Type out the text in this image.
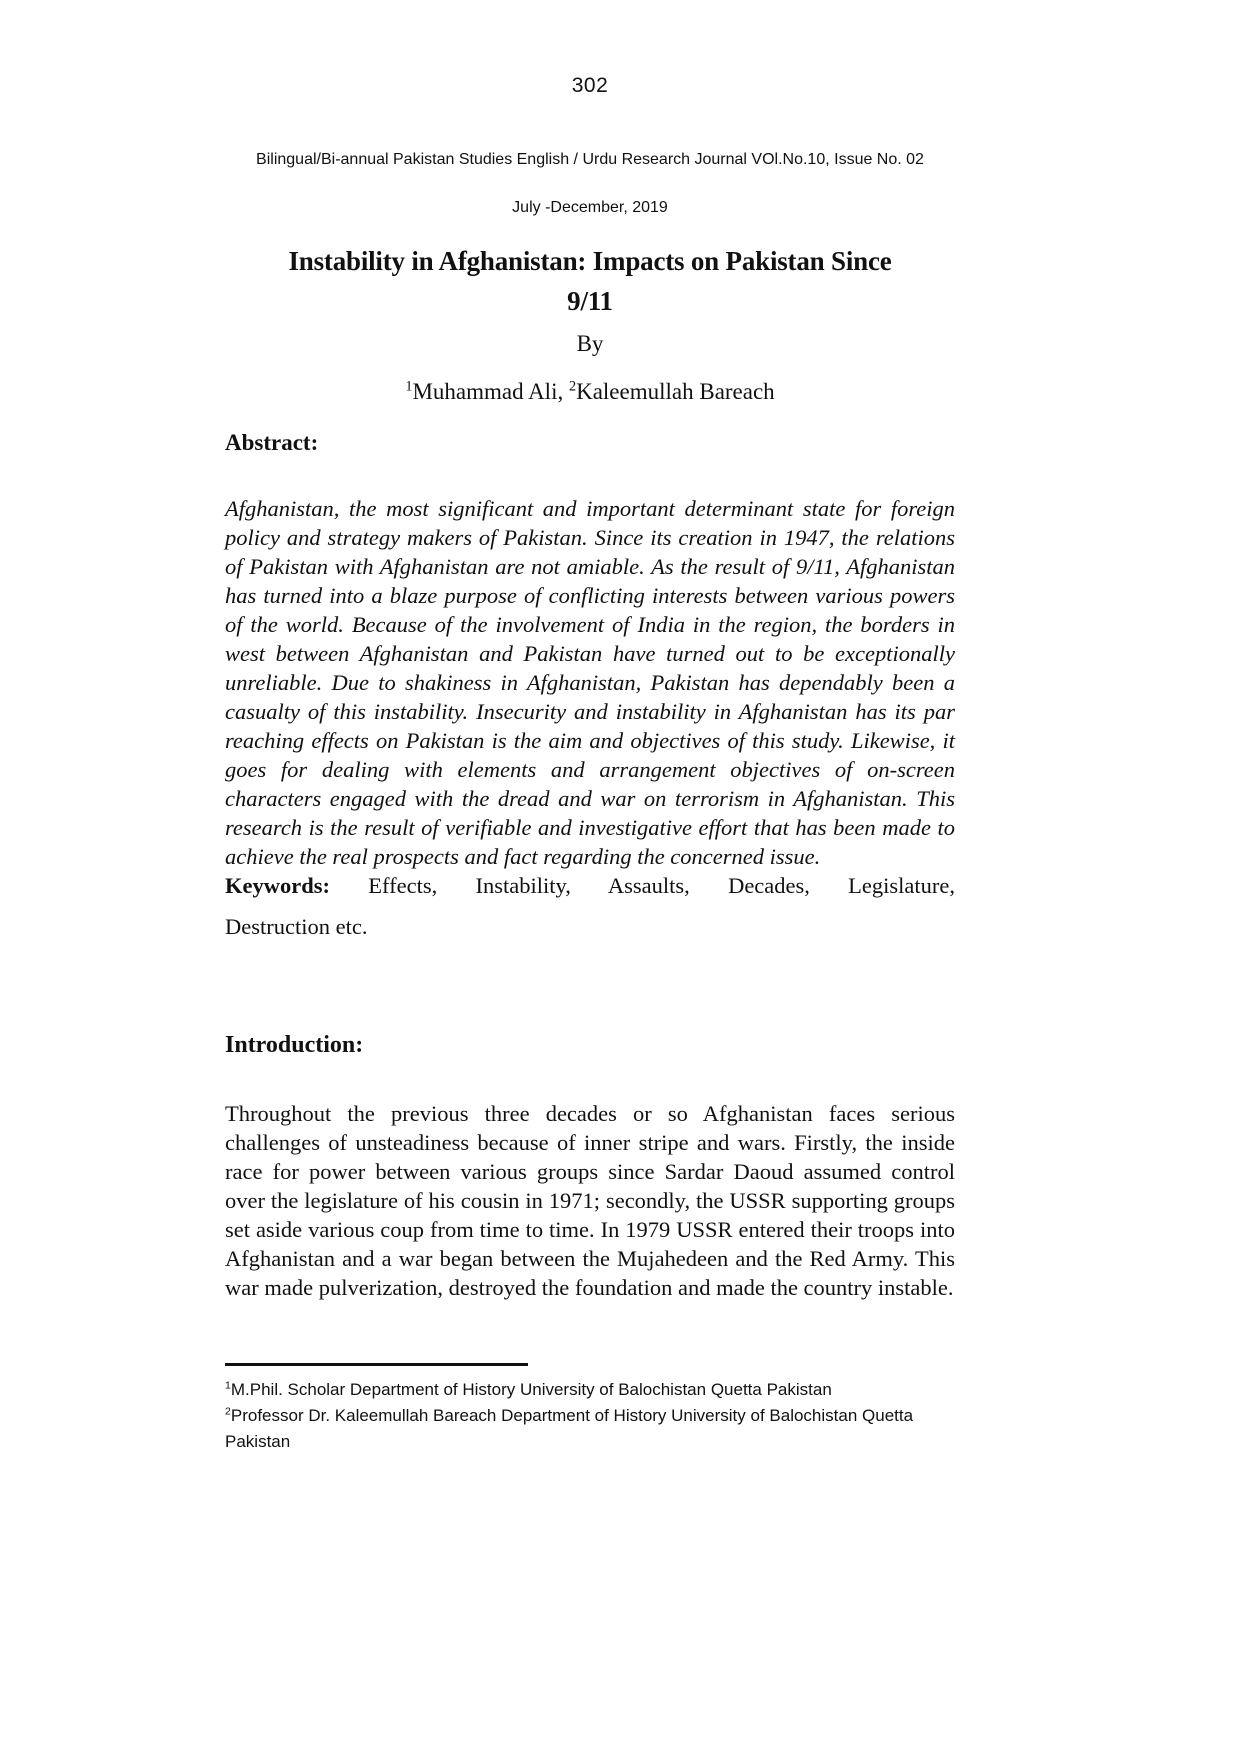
302
Bilingual/Bi-annual Pakistan Studies English / Urdu Research Journal VOl.No.10, Issue No. 02
July -December, 2019
Instability in Afghanistan: Impacts on Pakistan Since
9/11
By
$^1$Muhammad Ali, $^2$Kaleemullah Bareach
Abstract:

Afghanistan, the most significant and important determinant state for foreign policy and strategy makers of Pakistan. Since its creation in 1947, the relations of Pakistan with Afghanistan are not amiable. As the result of 9/11, Afghanistan has turned into a blaze purpose of conflicting interests between various powers of the world. Because of the involvement of India in the region, the borders in west between Afghanistan and Pakistan have turned out to be exceptionally unreliable. Due to shakiness in Afghanistan, Pakistan has dependably been a casualty of this instability. Insecurity and instability in Afghanistan has its par reaching effects on Pakistan is the aim and objectives of this study. Likewise, it goes for dealing with elements and arrangement objectives of on-screen characters engaged with the dread and war on terrorism in Afghanistan. This research is the result of verifiable and investigative effort that has been made to achieve the real prospects and fact regarding the concerned issue.

Keywords: Effects, Instability, Assaults, Decades, Legislature,
Destruction etc.
Introduction:

Throughout the previous three decades or so Afghanistan faces serious challenges of unsteadiness because of inner stripe and wars. Firstly, the inside race for power between various groups since Sardar Daoud assumed control over the legislature of his cousin in 1971; secondly, the USSR supporting groups set aside various coup from time to time. In 1979 USSR entered their troops into Afghanistan and a war began between the Mujahedeen and the Red Army. This war made pulverization, destroyed the foundation and made the country instable.

$^1$M.Phil. Scholar Department of History University of Balochistan Quetta Pakistan

$^2$Professor Dr. Kaleemullah Bareach Department of History University of Balochistan Quetta Pakistan
